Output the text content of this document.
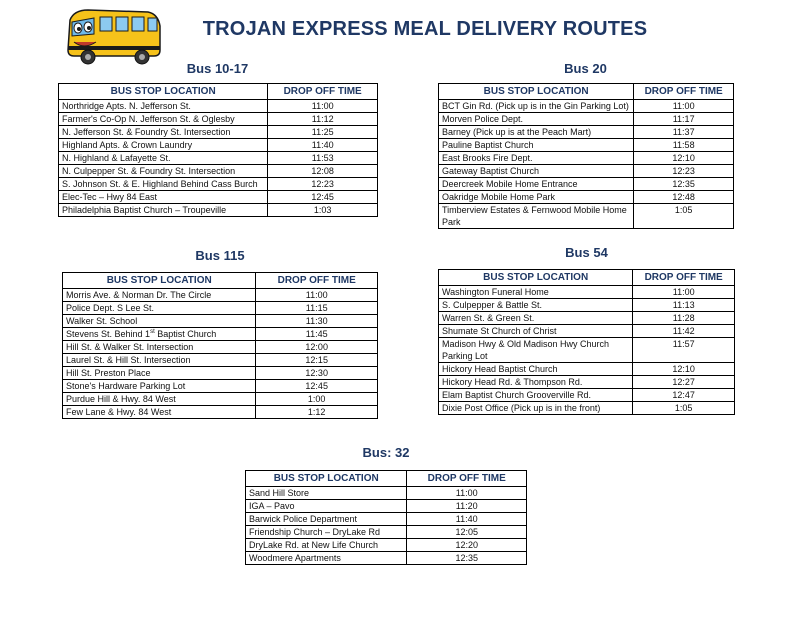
TROJAN EXPRESS MEAL DELIVERY ROUTES
Bus 10-17
BUS STOP LOCATION	DROP OFF TIME
Northridge Apts. N. Jefferson St.	11:00
Farmer's Co-Op N. Jefferson St. & Oglesby	11:12
N. Jefferson St. & Foundry St. Intersection	11:25
Highland Apts. & Crown Laundry	11:40
N. Highland & Lafayette St.	11:53
N. Culpepper St. & Foundry St. Intersection	12:08
S. Johnson St. & E. Highland Behind Cass Burch	12:23
Elec-Tec – Hwy 84 East	12:45
Philadelphia Baptist Church – Troupeville	1:03
Bus 20
BUS STOP LOCATION	DROP OFF TIME
BCT Gin Rd. (Pick up is in the Gin Parking Lot)	11:00
Morven Police Dept.	11:17
Barney (Pick up is at the Peach Mart)	11:37
Pauline Baptist Church	11:58
East Brooks Fire Dept.	12:10
Gateway Baptist Church	12:23
Deercreek Mobile Home Entrance	12:35
Oakridge Mobile Home Park	12:48
Timberview Estates & Fernwood Mobile Home Park	1:05
Bus 115
BUS STOP LOCATION	DROP OFF TIME
Morris Ave. & Norman Dr. The Circle	11:00
Police Dept. S Lee St.	11:15
Walker St. School	11:30
Stevens St. Behind 1st Baptist Church	11:45
Hill St. & Walker St. Intersection	12:00
Laurel St. & Hill St. Intersection	12:15
Hill St. Preston Place	12:30
Stone's Hardware Parking Lot	12:45
Purdue Hill & Hwy. 84 West	1:00
Few Lane & Hwy. 84 West	1:12
Bus 54
BUS STOP LOCATION	DROP OFF TIME
Washington Funeral Home	11:00
S. Culpepper & Battle St.	11:13
Warren St. & Green St.	11:28
Shumate St Church of Christ	11:42
Madison Hwy & Old Madison Hwy Church Parking Lot	11:57
Hickory Head Baptist Church	12:10
Hickory Head Rd. & Thompson Rd.	12:27
Elam Baptist Church Grooverville Rd.	12:47
Dixie Post Office (Pick up is in the front)	1:05
Bus: 32
BUS STOP LOCATION	DROP OFF TIME
Sand Hill Store	11:00
IGA – Pavo	11:20
Barwick Police Department	11:40
Friendship Church – DryLake Rd	12:05
DryLake Rd. at New Life Church	12:20
Woodmere Apartments	12:35
